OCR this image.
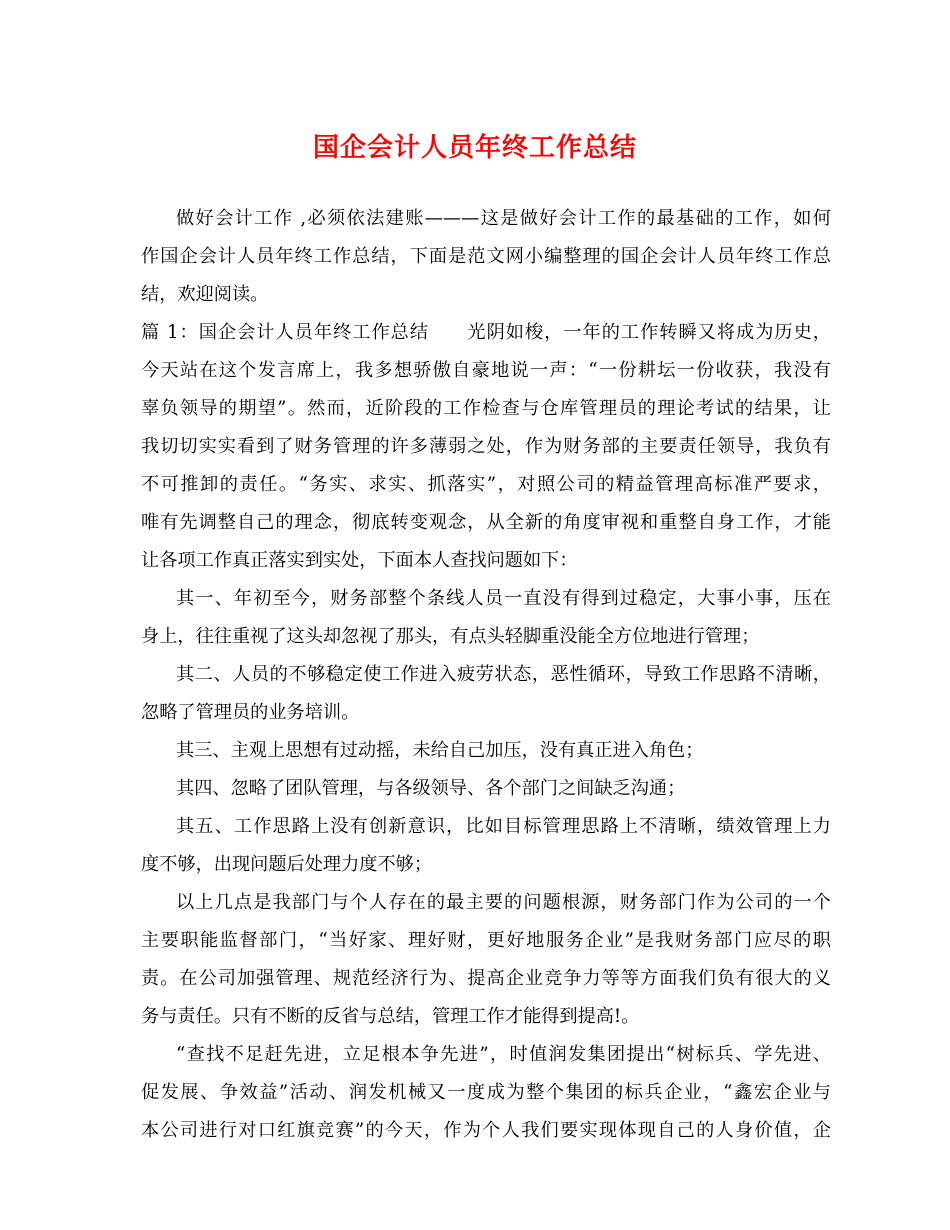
国企会计人员年终工作总结
做好会计工作 ,必须依法建账———这是做好会计工作的最基础的工作，如何
作国企会计人员年终工作总结，下面是范文网小编整理的国企会计人员年终工作总
结，欢迎阅读。
篇 1：国企会计人员年终工作总结　　光阴如梭，一年的工作转瞬又将成为历史，
今天站在这个发言席上，我多想骄傲自豪地说一声：“一份耕坛一份收获，我没有
辜负领导的期望”。然而，近阶段的工作检查与仓库管理员的理论考试的结果，让
我切切实实看到了财务管理的许多薄弱之处，作为财务部的主要责任领导，我负有
不可推卸的责任。“务实、求实、抓落实”，对照公司的精益管理高标准严要求，
唯有先调整自己的理念，彻底转变观念，从全新的角度审视和重整自身工作，才能
让各项工作真正落实到实处，下面本人查找问题如下：
其一、年初至今，财务部整个条线人员一直没有得到过稳定，大事小事，压在
身上，往往重视了这头却忽视了那头，有点头轻脚重没能全方位地进行管理；
其二、人员的不够稳定使工作进入疲劳状态，恶性循环，导致工作思路不清晰，
忽略了管理员的业务培训。
其三、主观上思想有过动摇，未给自己加压，没有真正进入角色；
其四、忽略了团队管理，与各级领导、各个部门之间缺乏沟通；
其五、工作思路上没有创新意识，比如目标管理思路上不清晰，绩效管理上力
度不够，出现问题后处理力度不够；
以上几点是我部门与个人存在的最主要的问题根源，财务部门作为公司的一个
主要职能监督部门，“当好家、理好财，更好地服务企业”是我财务部门应尽的职
责。在公司加强管理、规范经济行为、提高企业竞争力等等方面我们负有很大的义
务与责任。只有不断的反省与总结，管理工作才能得到提高!。
“查找不足赶先进，立足根本争先进”，时值润发集团提出“树标兵、学先进、
促发展、争效益”活动、润发机械又一度成为整个集团的标兵企业，“鑫宏企业与
本公司进行对口红旗竞赛”的今天，作为个人我们要实现体现自己的人身价值，企
